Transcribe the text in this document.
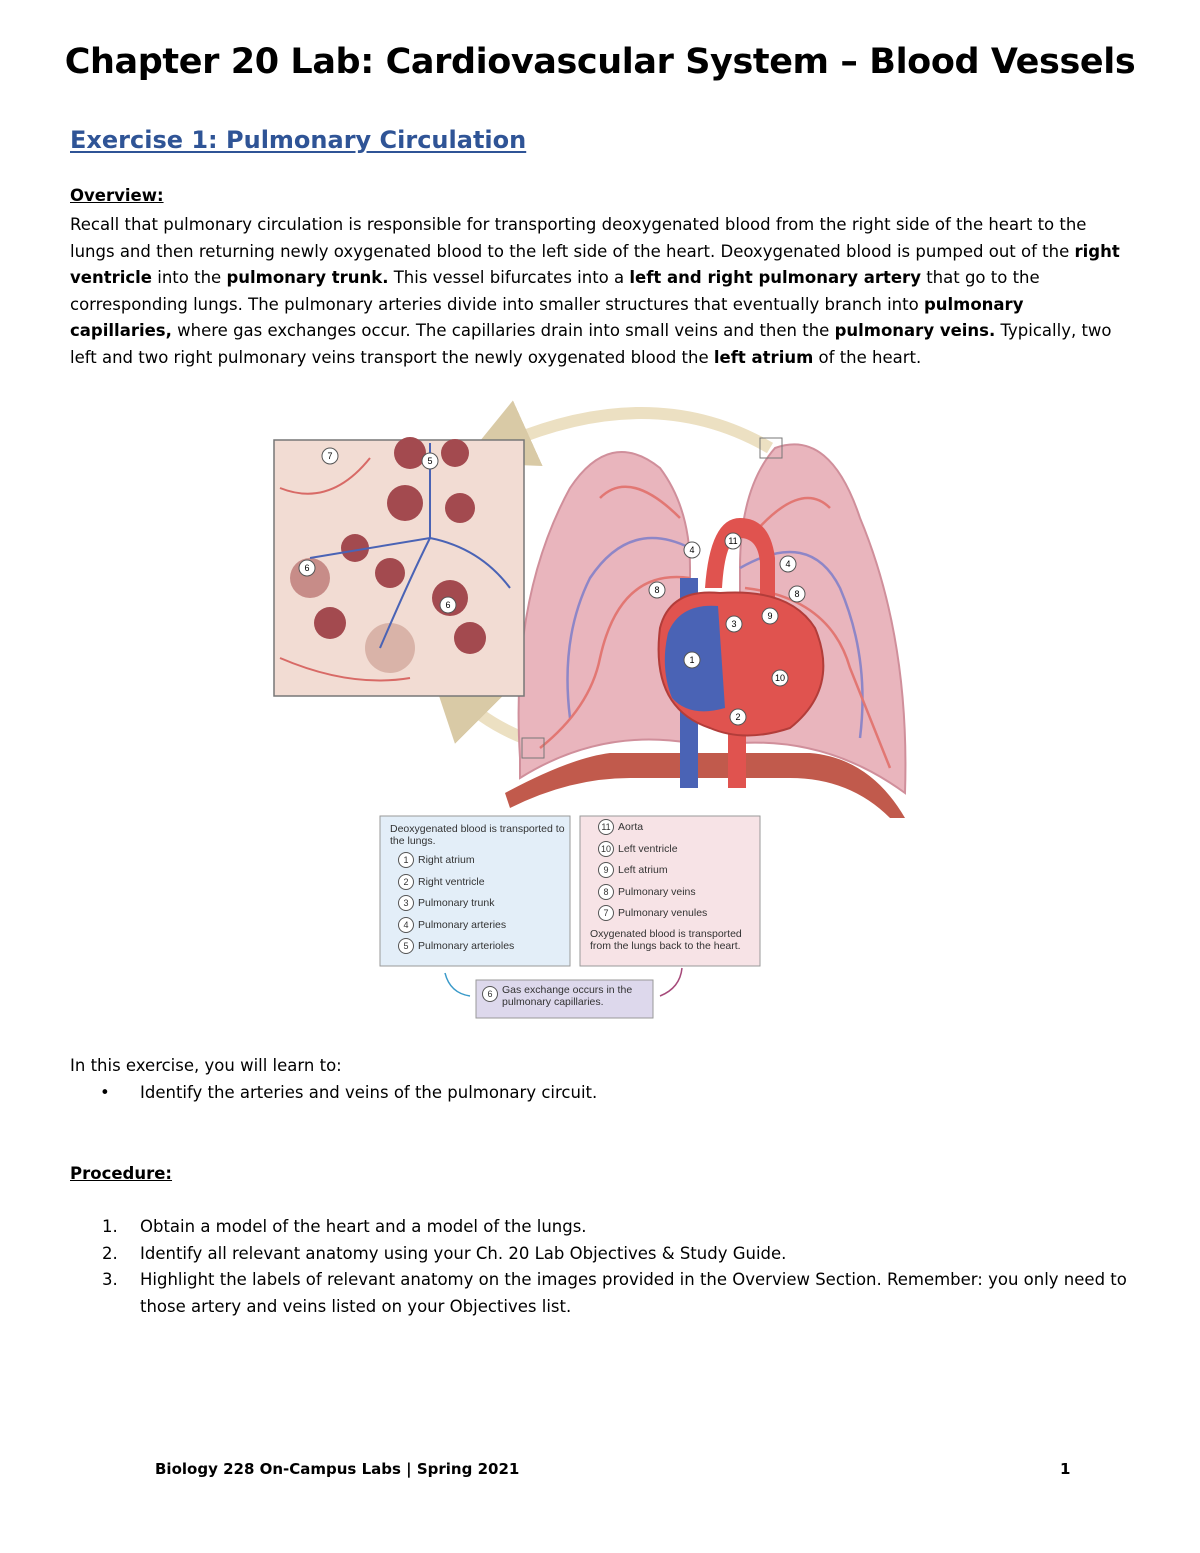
Chapter 20 Lab: Cardiovascular System – Blood Vessels
Exercise 1: Pulmonary Circulation
Overview:
Recall that pulmonary circulation is responsible for transporting deoxygenated blood from the right side of the heart to the lungs and then returning newly oxygenated blood to the left side of the heart. Deoxygenated blood is pumped out of the right ventricle into the pulmonary trunk. This vessel bifurcates into a left and right pulmonary artery that go to the corresponding lungs. The pulmonary arteries divide into smaller structures that eventually branch into pulmonary capillaries, where gas exchanges occur. The capillaries drain into small veins and then the pulmonary veins. Typically, two left and two right pulmonary veins transport the newly oxygenated blood the left atrium of the heart.
7	5
6
6
4
11
4
8	8
3
9
1
10
2
Deoxygenated blood is transported to the lungs.
1 Right atrium
2 Right ventricle
3 Pulmonary trunk
4 Pulmonary arteries
5 Pulmonary arterioles
11 Aorta
10 Left ventricle
9 Left atrium
8 Pulmonary veins
7 Pulmonary venules
Oxygenated blood is transported from the lungs back to the heart.
6 Gas exchange occurs in the pulmonary capillaries.
In this exercise, you will learn to:
• Identify the arteries and veins of the pulmonary circuit.
Procedure:
1. Obtain a model of the heart and a model of the lungs.
2. Identify all relevant anatomy using your Ch. 20 Lab Objectives & Study Guide.
3. Highlight the labels of relevant anatomy on the images provided in the Overview Section. Remember: you only need to those artery and veins listed on your Objectives list.
Biology 228 On-Campus Labs | Spring 2021	1
